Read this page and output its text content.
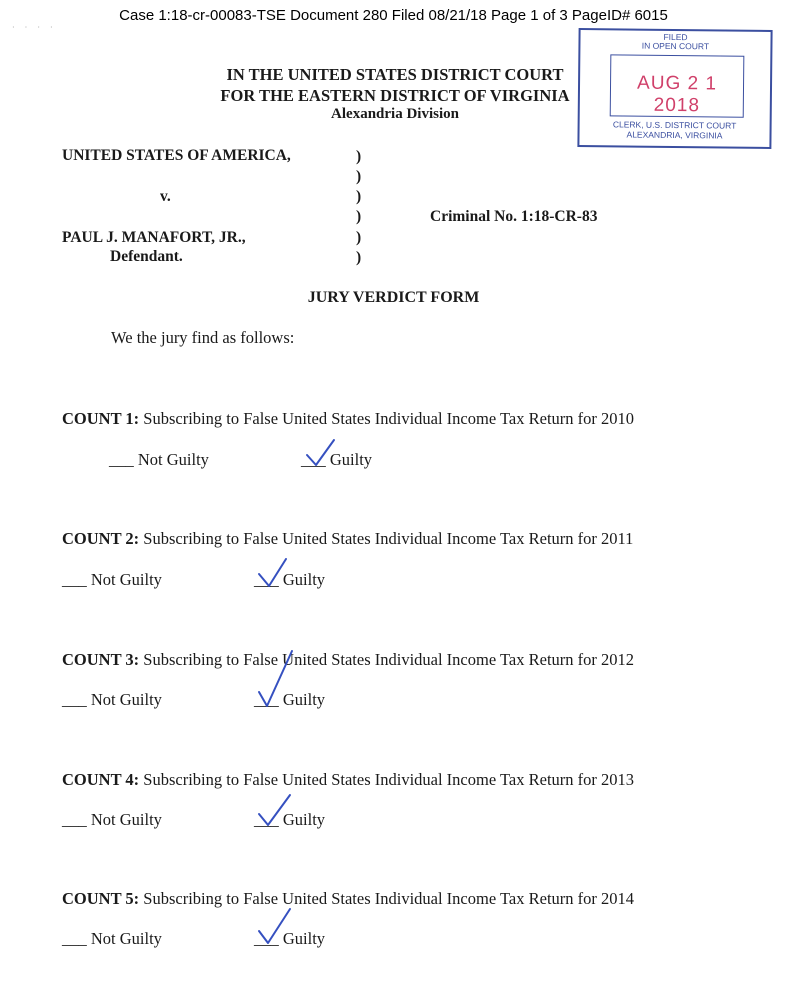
· · · ·
Case 1:18-cr-00083-TSE Document 280 Filed 08/21/18 Page 1 of 3 PageID# 6015
IN THE UNITED STATES DISTRICT COURT
FOR THE EASTERN DISTRICT OF VIRGINIA
Alexandria Division
FILED
IN OPEN COURT
AUG 2 1 2018
CLERK, U.S. DISTRICT COURT
ALEXANDRIA, VIRGINIA
UNITED STATES OF AMERICA,
v.
PAUL J. MANAFORT, JR.,
Defendant.
Criminal No. 1:18-CR-83
)
)
)
)
)
)
JURY VERDICT FORM
We the jury find as follows:
COUNT 1: Subscribing to False United States Individual Income Tax Return for 2010
___ Not Guilty	___ Guilty
COUNT 2: Subscribing to False United States Individual Income Tax Return for 2011
___ Not Guilty	___ Guilty
COUNT 3: Subscribing to False United States Individual Income Tax Return for 2012
___ Not Guilty	___ Guilty
COUNT 4: Subscribing to False United States Individual Income Tax Return for 2013
___ Not Guilty	___ Guilty
COUNT 5: Subscribing to False United States Individual Income Tax Return for 2014
___ Not Guilty	___ Guilty
